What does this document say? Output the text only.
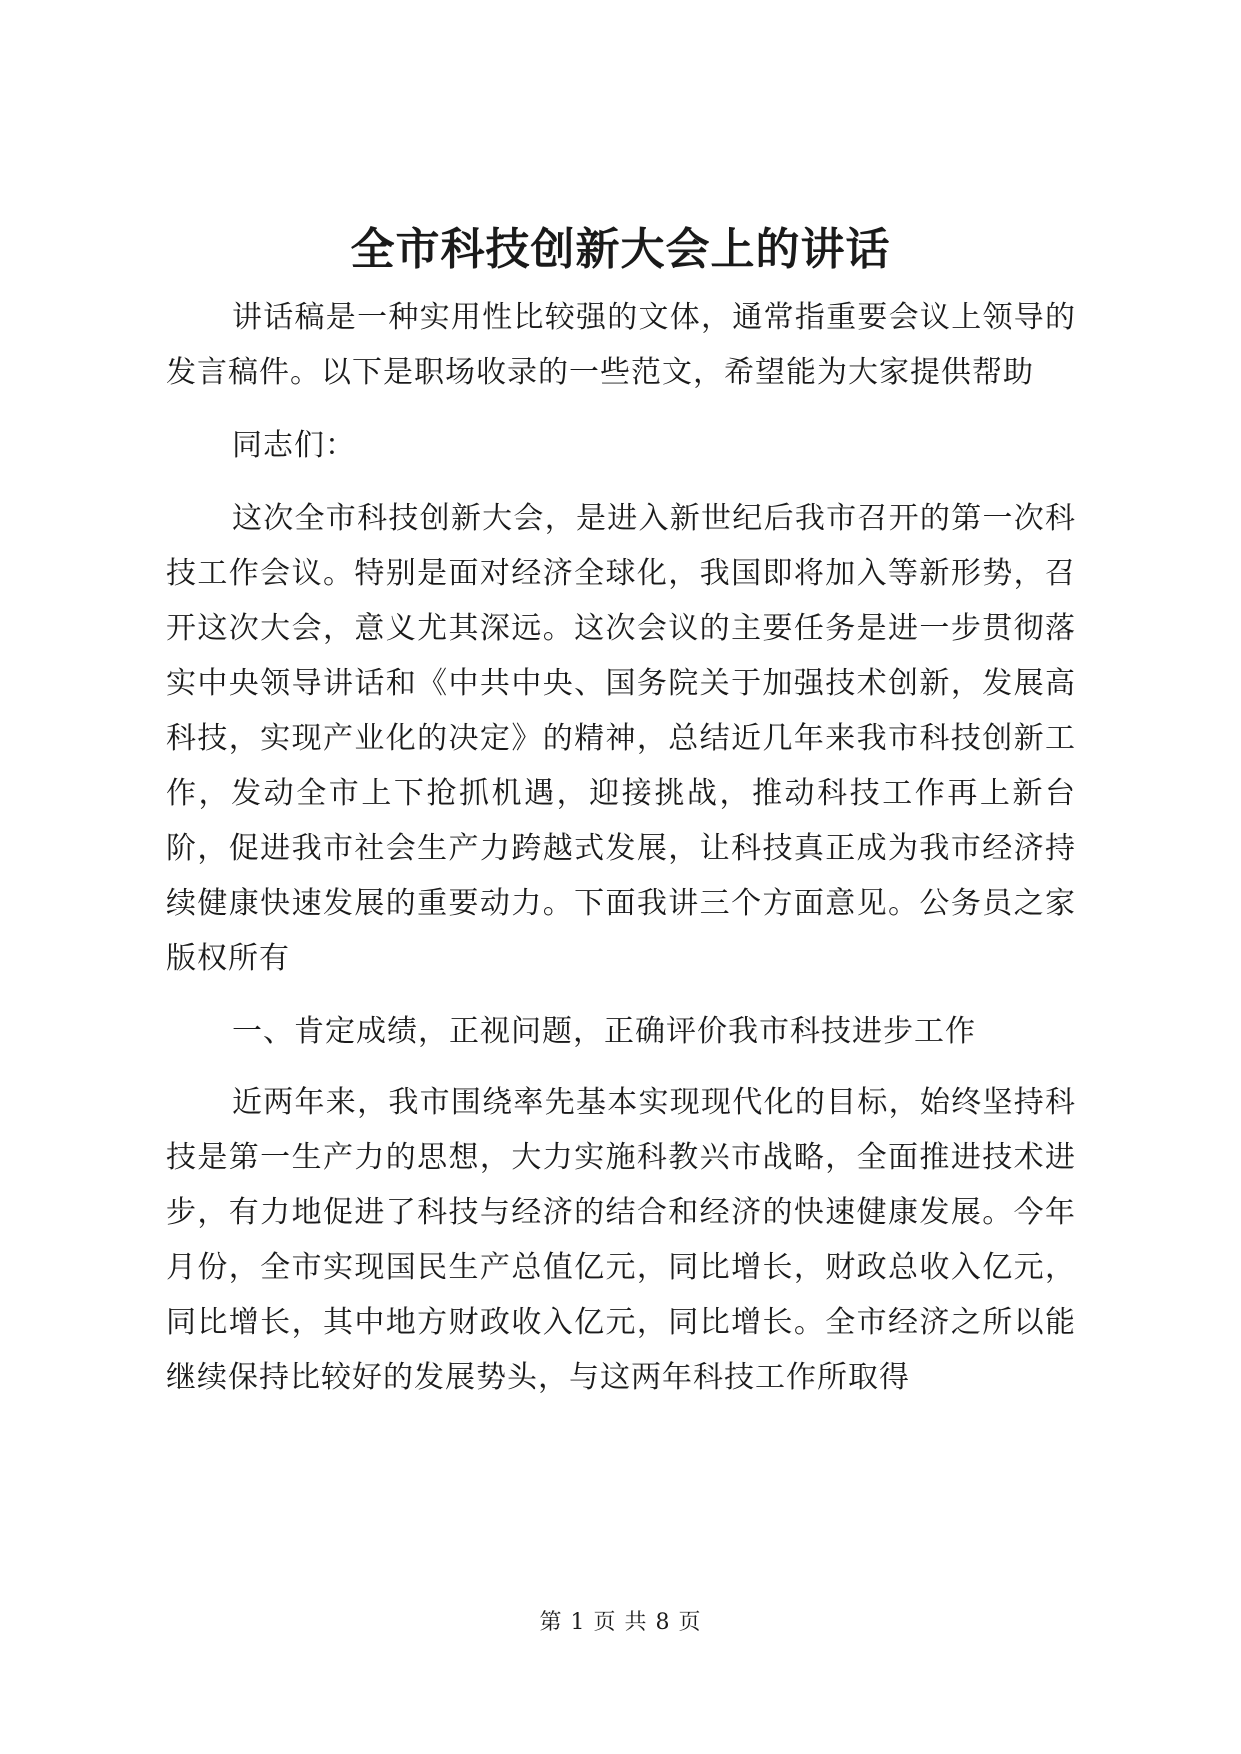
全市科技创新大会上的讲话

讲话稿是一种实用性比较强的文体，通常指重要会议上领导的发言稿件。以下是职场收录的一些范文，希望能为大家提供帮助

同志们：

这次全市科技创新大会，是进入新世纪后我市召开的第一次科技工作会议。特别是面对经济全球化，我国即将加入等新形势，召开这次大会，意义尤其深远。这次会议的主要任务是进一步贯彻落实中央领导讲话和《中共中央、国务院关于加强技术创新，发展高科技，实现产业化的决定》的精神，总结近几年来我市科技创新工作，发动全市上下抢抓机遇，迎接挑战，推动科技工作再上新台阶，促进我市社会生产力跨越式发展，让科技真正成为我市经济持续健康快速发展的重要动力。下面我讲三个方面意见。公务员之家版权所有

一、肯定成绩，正视问题，正确评价我市科技进步工作

近两年来，我市围绕率先基本实现现代化的目标，始终坚持科技是第一生产力的思想，大力实施科教兴市战略，全面推进技术进步，有力地促进了科技与经济的结合和经济的快速健康发展。今年月份，全市实现国民生产总值亿元，同比增长，财政总收入亿元，同比增长，其中地方财政收入亿元，同比增长。全市经济之所以能继续保持比较好的发展势头，与这两年科技工作所取得

第 1 页 共 8 页
